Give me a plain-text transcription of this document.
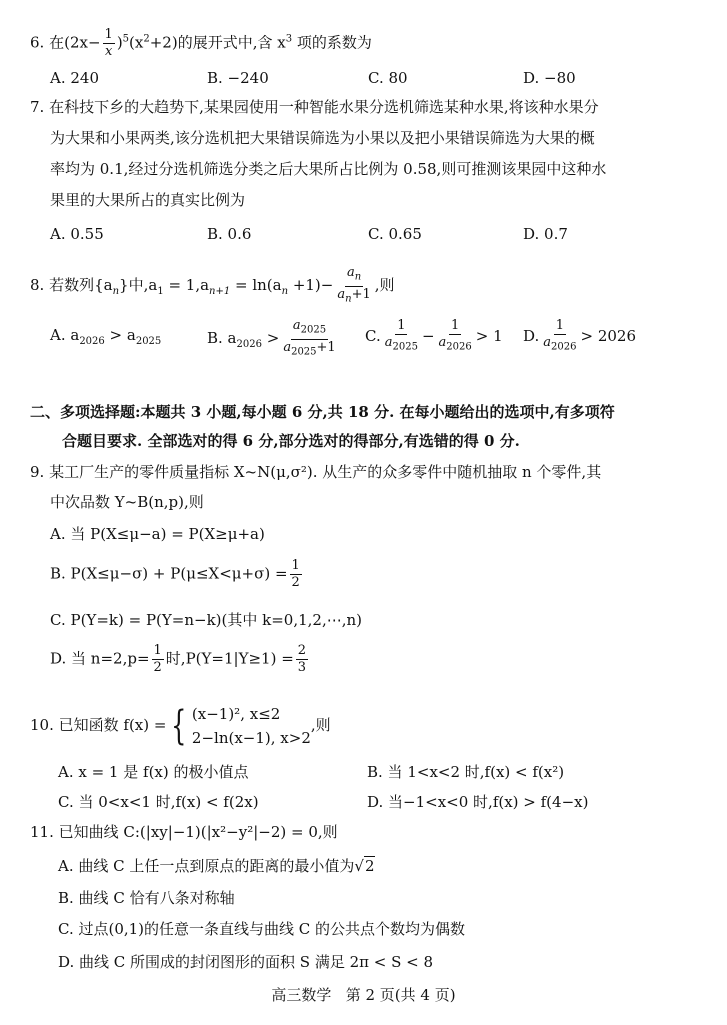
6. 在$(2x- \frac{1}{x} )^5(x^2+2)$的展开式中,含 $x^3$ 项的系数为
A. 240	B. −240	C. 80	D. −80
7. 在科技下乡的大趋势下,某果园使用一种智能水果分选机筛选某种水果,将该种水果分
为大果和小果两类,该分选机把大果错误筛选为小果以及把小果错误筛选为大果的概
率均为 0.1,经过分选机筛选分类之后大果所占比例为 0.58,则可推测该果园中这种水
果里的大果所占的真实比例为
A. 0.55	B. 0.6	C. 0.65	D. 0.7
8. 若数列$\{a_n\}$中$,a_1 = 1,a_{n+1} = \ln(a_n +1)- \frac{a_n}{a_n+1}$ ,则
A. $a_{2026} > a_{2025}$	B. $a_{2026} > \frac{a_{2025}}{a_{2025}+1} C$. $\frac{1}{a_{2025}} - \frac{1}{a_{2026}} > 1$ D. $\frac{1}{a_{2026}} > 2026$
二、多项选择题:本题共 3 小题,每小题 6 分,共 18 分. 在每小题给出的选项中,有多项符
合题目要求. 全部选对的得 6 分,部分选对的得部分,有选错的得 0 分.
9. 某工厂生产的零件质量指标 X~N(μ,σ²). 从生产的众多零件中随机抽取 n 个零件,其
中次品数 Y~B(n,p),则
A. 当 P(X≤μ−a) = P(X≥μ+a)
B. $P(X\le\mu-\sigma) + P(\mu\le X<\mu+\sigma) = \frac{1}{2}$
C. P(Y=k) = P(Y=n−k)(其中 k=0,1,2,⋯,n)
D. 当 $n=2,p= \frac{1}{2}$ 时$,P(Y=1|Y\ge 1) = \frac{2}{3}$
10. 已知函数 f(x) = { (x−1)², x≤2
2−ln(x−1), x>2
,则
A. x = 1 是 f(x) 的极小值点	B. 当 1<x<2 时,f(x) < f(x²)
C. 当 0<x<1 时,f(x) < f(2x)	D. 当−1<x<0 时,f(x) > f(4−x)
11. 已知曲线 C:(|xy|−1)(|x²−y²|−2) = 0,则
A. 曲线 C 上任一点到原点的距离的最小值为√2
B. 曲线 C 恰有八条对称轴
C. 过点(0,1)的任意一条直线与曲线 C 的公共点个数均为偶数
D. 曲线 C 所围成的封闭图形的面积 S 满足 2π < S < 8
高三数学   第 2 页(共 4 页)
